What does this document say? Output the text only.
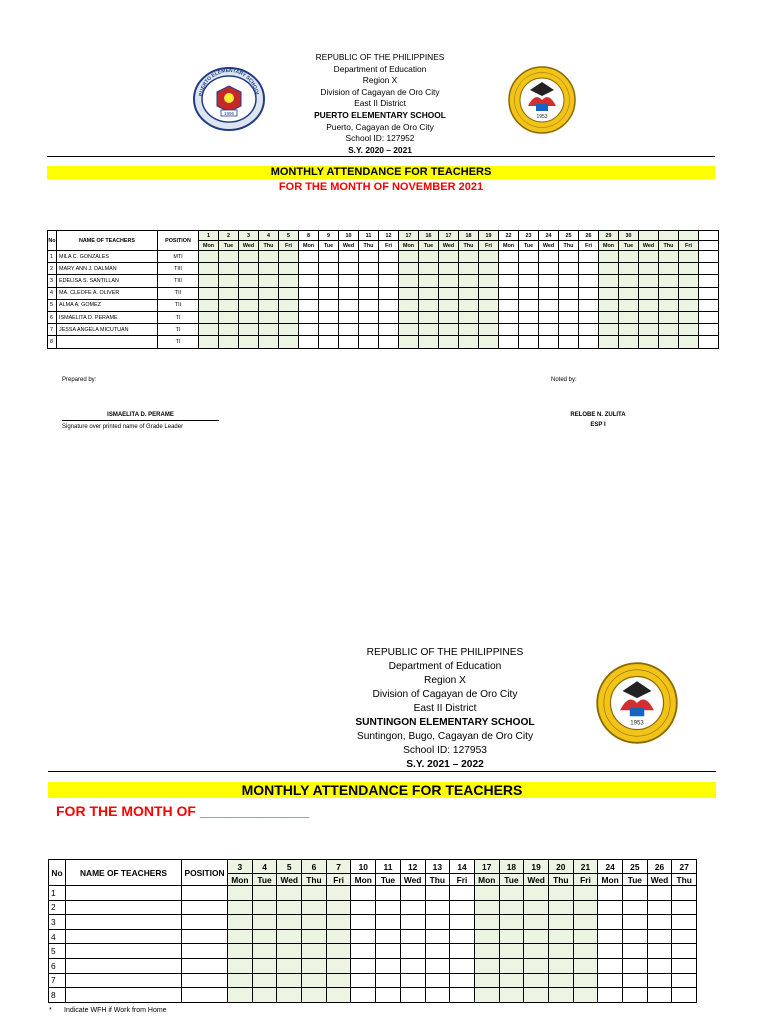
PUERTO ELEMENTARY SCHOOL
1996
1953
REPUBLIC OF THE PHILIPPINES
Department of Education
Region X
Division of Cagayan de Oro City
East II District
PUERTO ELEMENTARY SCHOOL
Puerto, Cagayan de Oro City
School ID: 127952
S.Y. 2020 – 2021
MONTHLY ATTENDANCE FOR TEACHERS
FOR THE MONTH OF NOVEMBER 2021
No	NAME OF TEACHERS	POSITION	1	2	3	4	5	8	9	10	11	12	17	16	17	18	19	22	23	24	25	26	29	30				
			Mon	Tue	Wed	Thu	Fri	Mon	Tue	Wed	Thu	Fri	Mon	Tue	Wed	Thu	Fri	Mon	Tue	Wed	Thu	Fri	Mon	Tue	Wed	Thu	Fri	
1	MILA C. GONZALES	MTI																										
2	MARY ANN J. DALMAN	TIII																										
3	EDELISA S. SANTILLAN	TIII																										
4	MA. CLEOFE A. OLIVER	TII																										
5	ALMA A. GOMEZ	TII																										
6	ISMAELITA D. PERAME	TI																										
7	JESSA ANGELA MICUTUAN	TI																										
8		TI																										
Prepared by:	Noted by:
ISMAELITA D. PERAME
Signature over printed name of Grade Leader
RELOBE N. ZULITA
ESP I
1953
REPUBLIC OF THE PHILIPPINES
Department of Education
Region X
Division of Cagayan de Oro City
East II District
SUNTINGON ELEMENTARY SCHOOL
Suntingon, Bugo, Cagayan de Oro City
School ID: 127953
S.Y. 2021 – 2022
MONTHLY ATTENDANCE FOR TEACHERS
FOR THE MONTH OF ______________
No	NAME OF TEACHERS	POSITION	3	4	5	6	7	10	11	12	13	14	17	18	19	20	21	24	25	26	27
			Mon	Tue	Wed	Thu	Fri	Mon	Tue	Wed	Thu	Fri	Mon	Tue	Wed	Thu	Fri	Mon	Tue	Wed	Thu
1																					
2																					
3																					
4																					
5																					
6																					
7																					
8																					
* Indicate WFH if Work from Home
